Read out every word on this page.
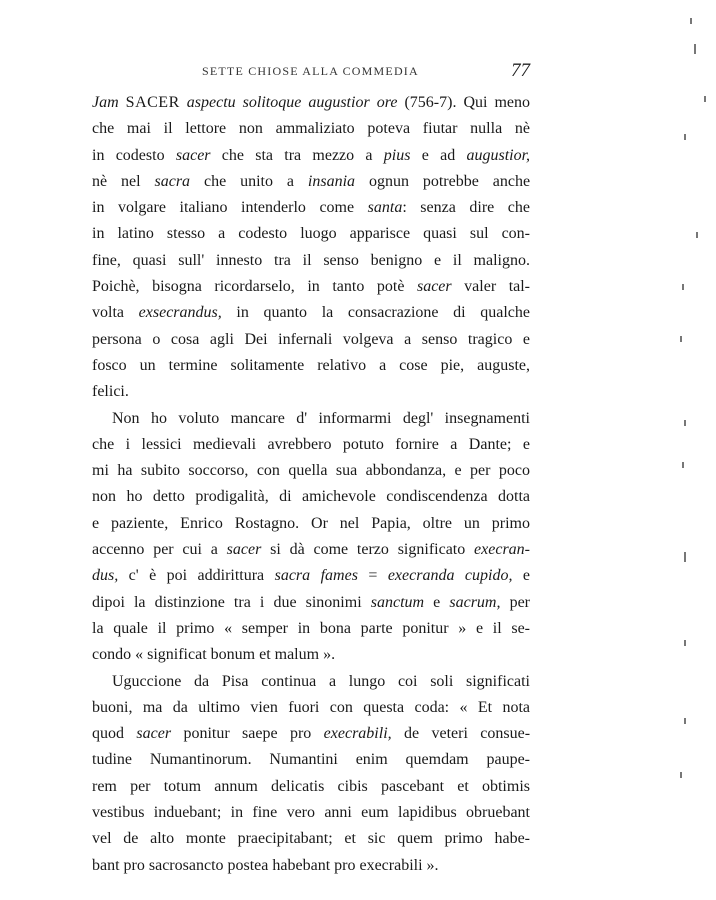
SETTE CHIOSE ALLA COMMEDIA	77
Jam SACER aspectu solitoque augustior ore (756-7). Qui meno
che mai il lettore non ammaliziato poteva fiutar nulla nè
in codesto sacer che sta tra mezzo a pius e ad augustior,
nè nel sacra che unito a insania ognun potrebbe anche
in volgare italiano intenderlo come santa: senza dire che
in latino stesso a codesto luogo apparisce quasi sul con-
fine, quasi sull' innesto tra il senso benigno e il maligno.
Poichè, bisogna ricordarselo, in tanto potè sacer valer tal-
volta exsecrandus, in quanto la consacrazione di qualche
persona o cosa agli Dei infernali volgeva a senso tragico e
fosco un termine solitamente relativo a cose pie, auguste,
felici.
Non ho voluto mancare d' informarmi degl' insegnamenti
che i lessici medievali avrebbero potuto fornire a Dante; e
mi ha subito soccorso, con quella sua abbondanza, e per poco
non ho detto prodigalità, di amichevole condiscendenza dotta
e paziente, Enrico Rostagno. Or nel Papia, oltre un primo
accenno per cui a sacer si dà come terzo significato execran-
dus, c' è poi addirittura sacra fames = execranda cupido, e
dipoi la distinzione tra i due sinonimi sanctum e sacrum, per
la quale il primo « semper in bona parte ponitur » e il se-
condo « significat bonum et malum ».
Uguccione da Pisa continua a lungo coi soli significati
buoni, ma da ultimo vien fuori con questa coda: « Et nota
quod sacer ponitur saepe pro execrabili, de veteri consue-
tudine Numantinorum. Numantini enim quemdam paupe-
rem per totum annum delicatis cibis pascebant et obtimis
vestibus induebant; in fine vero anni eum lapidibus obruebant
vel de alto monte praecipitabant; et sic quem primo habe-
bant pro sacrosancto postea habebant pro execrabili ».
